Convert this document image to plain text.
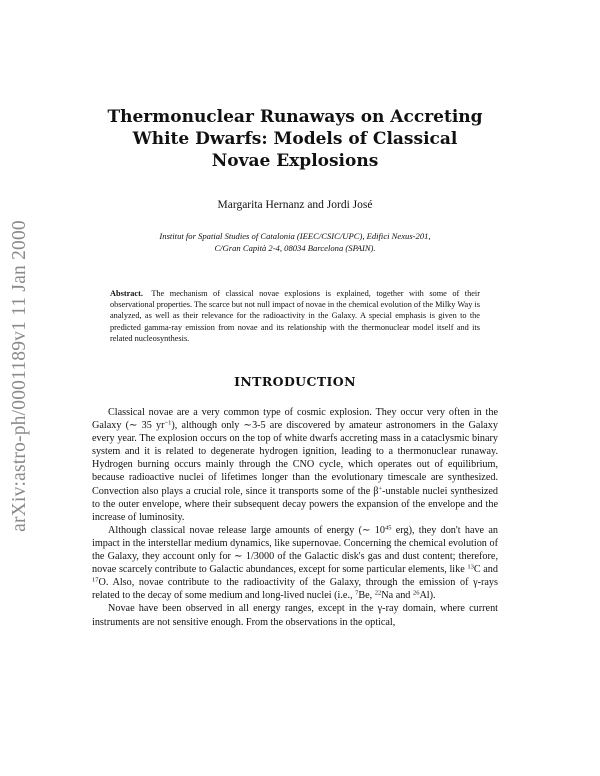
arXiv:astro-ph/0001189v1 11 Jan 2000
Thermonuclear Runaways on Accreting
White Dwarfs: Models of Classical
Novae Explosions
Margarita Hernanz and Jordi José
Institut for Spatial Studies of Catalonia (IEEC/CSIC/UPC), Edifici Nexus-201,
C/Gran Capità 2-4, 08034 Barcelona (SPAIN).
Abstract. The mechanism of classical novae explosions is explained, together with some of their observational properties. The scarce but not null impact of novae in the chemical evolution of the Milky Way is analyzed, as well as their relevance for the radioactivity in the Galaxy. A special emphasis is given to the predicted gamma-ray emission from novae and its relationship with the thermonuclear model itself and its related nucleosynthesis.
INTRODUCTION

Classical novae are a very common type of cosmic explosion. They occur very often in the Galaxy (∼ 35 $yr^{-1}$), although only ∼3-5 are discovered by amateur astronomers in the Galaxy every year. The explosion occurs on the top of white dwarfs accreting mass in a cataclysmic binary system and it is related to degenerate hydrogen ignition, leading to a thermonuclear runaway. Hydrogen burning occurs mainly through the CNO cycle, which operates out of equilibrium, because radioactive nuclei of lifetimes longer than the evolutionary timescale are synthesized. Convection also plays a crucial role, since it transports some of the β+-unstable nuclei synthesized to the outer envelope, where their subsequent decay powers the expansion of the envelope and the increase of luminosity.

Although classical novae release large amounts of energy (∼ $10^{45}$ erg), they don't have an impact in the interstellar medium dynamics, like supernovae. Concerning the chemical evolution of the Galaxy, they account only for ∼ 1/3000 of the Galactic disk's gas and dust content; therefore, novae scarcely contribute to Galactic abundances, except for some particular elements, like $^{13}$C and $^{17}$O. Also, novae contribute to the radioactivity of the Galaxy, through the emission of γ-rays related to the decay of some medium and long-lived nuclei (i.e., $^7$Be, $^{22}$Na and $^{26}$Al).

Novae have been observed in all energy ranges, except in the γ-ray domain, where current instruments are not sensitive enough. From the observations in the optical,
